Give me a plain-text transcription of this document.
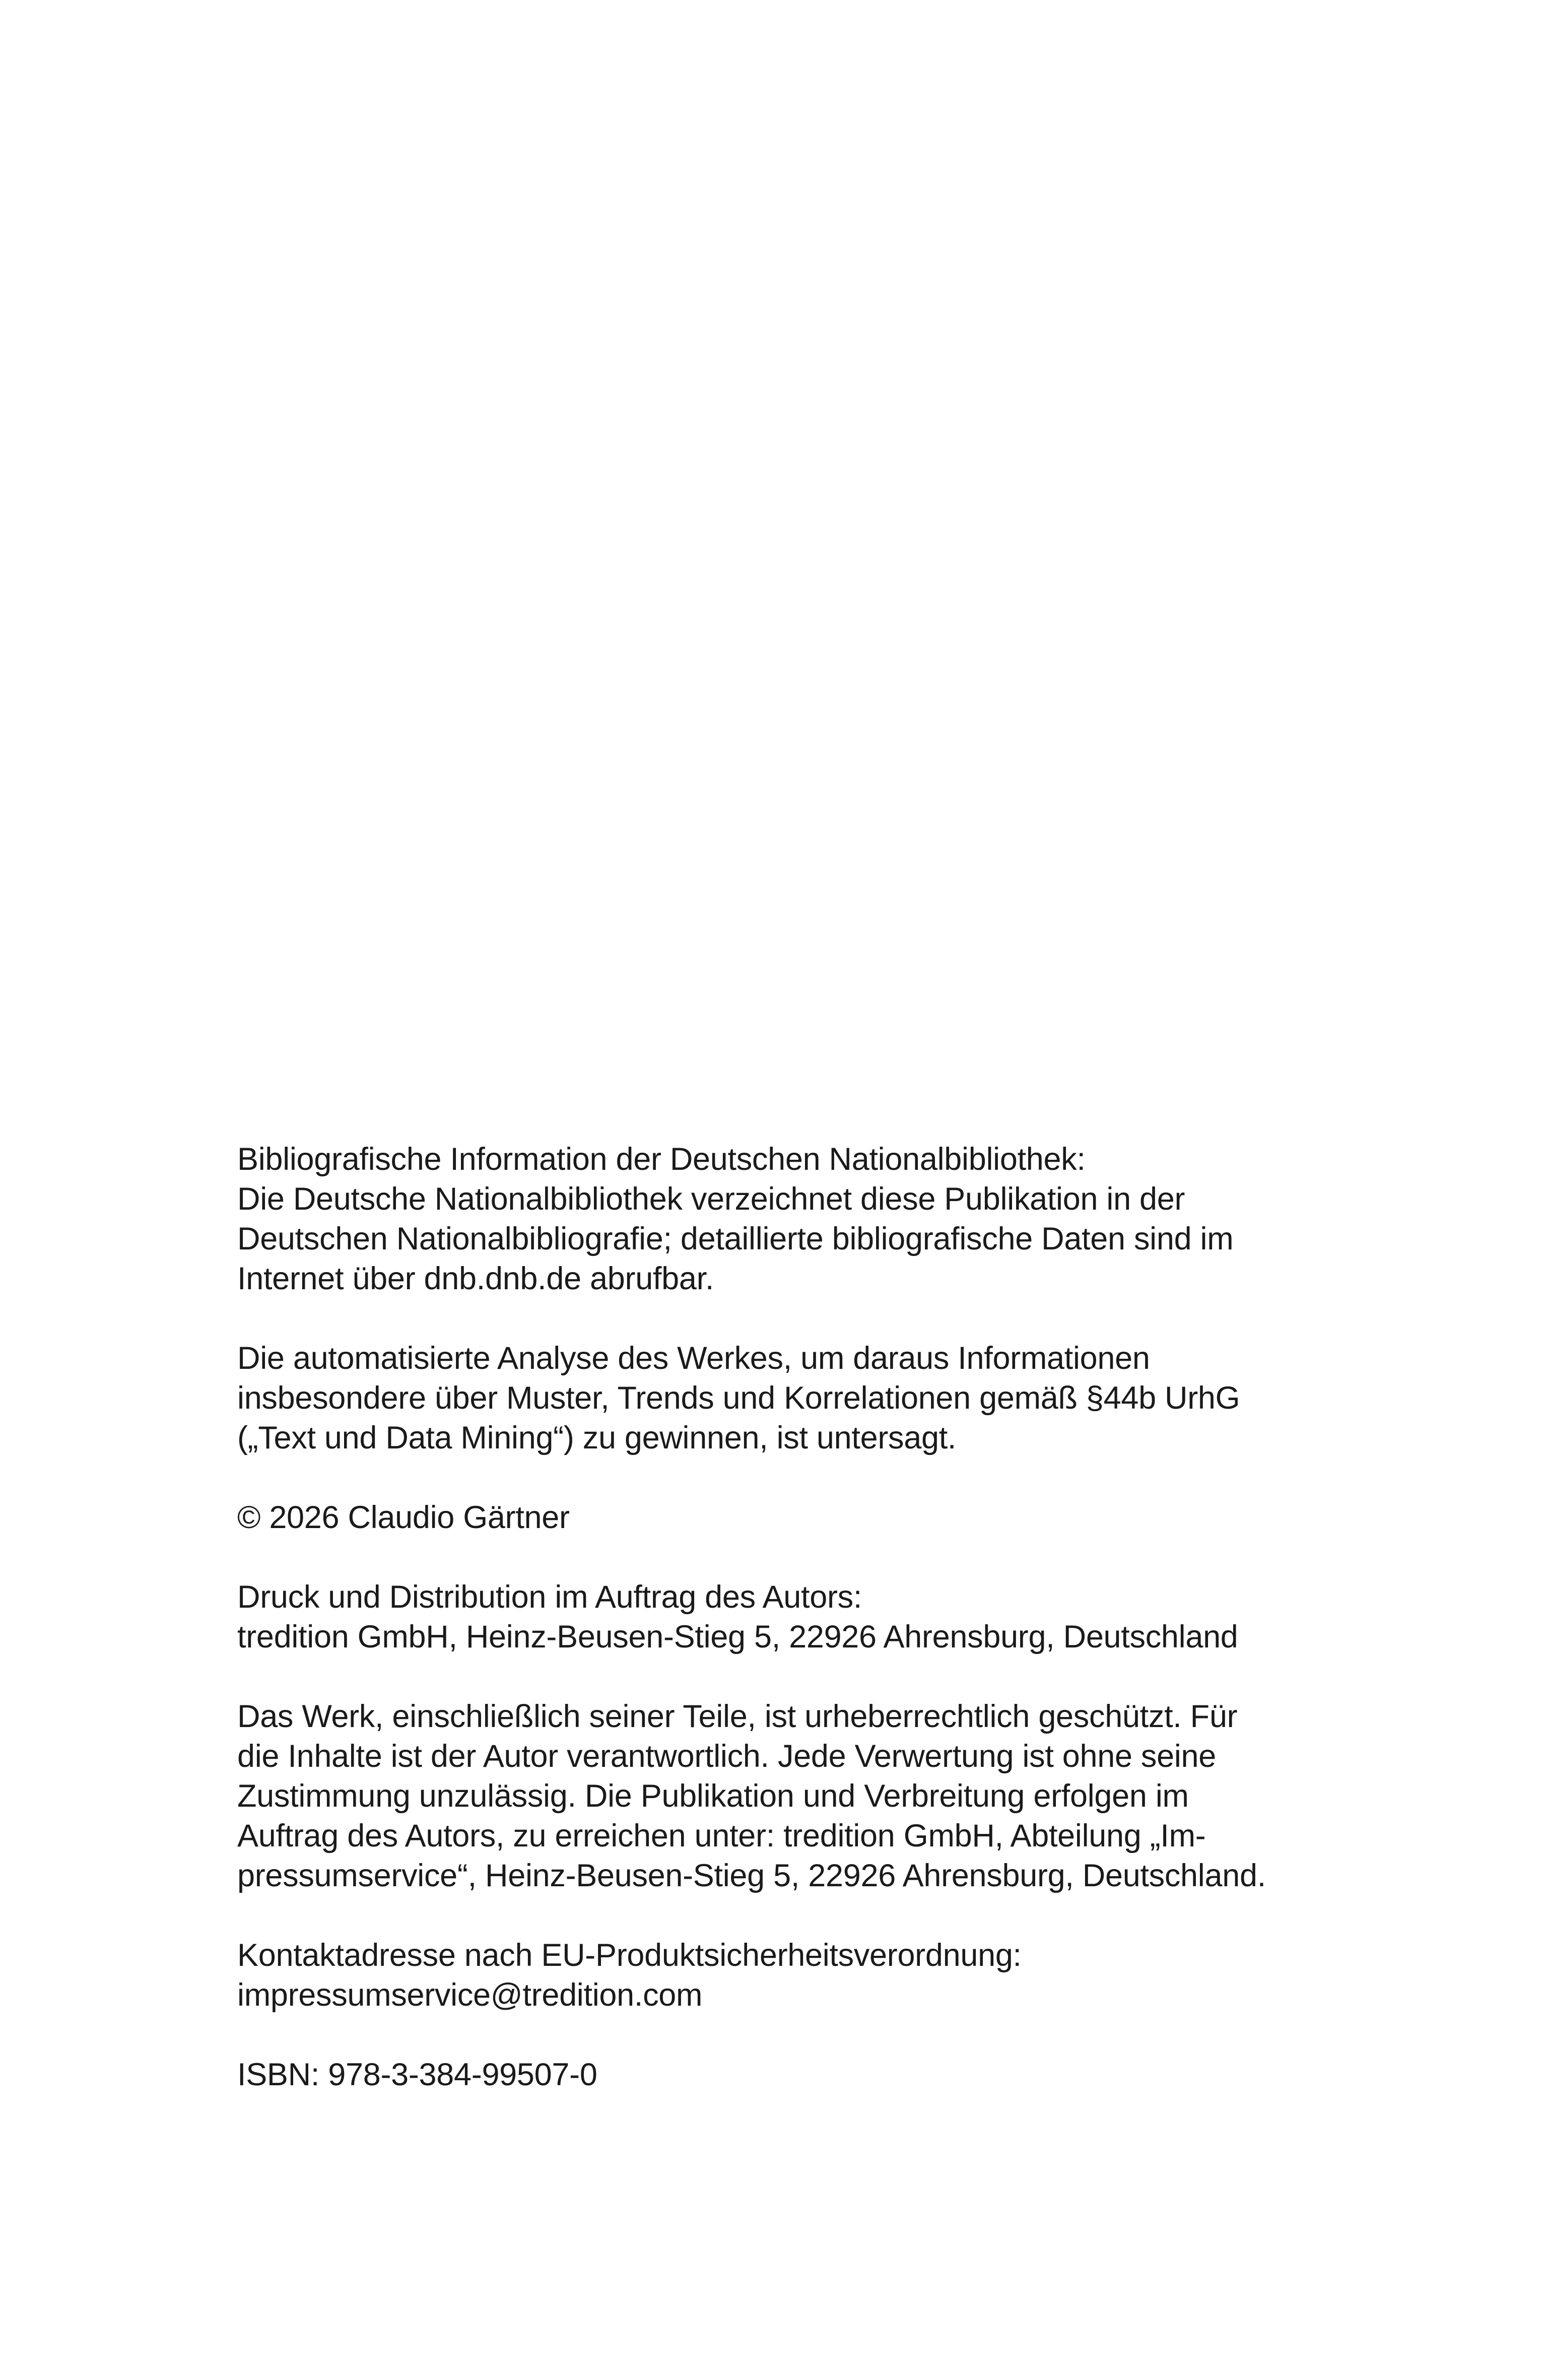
Bibliografische Information der Deutschen Nationalbibliothek:
Die Deutsche Nationalbibliothek verzeichnet diese Publikation in der
Deutschen Nationalbibliografie; detaillierte bibliografische Daten sind im
Internet über dnb.dnb.de abrufbar.

Die automatisierte Analyse des Werkes, um daraus Informationen
insbesondere über Muster, Trends und Korrelationen gemäß §44b UrhG
(„Text und Data Mining“) zu gewinnen, ist untersagt.

© 2026 Claudio Gärtner

Druck und Distribution im Auftrag des Autors:
tredition GmbH, Heinz-Beusen-Stieg 5, 22926 Ahrensburg, Deutschland

Das Werk, einschließlich seiner Teile, ist urheberrechtlich geschützt. Für
die Inhalte ist der Autor verantwortlich. Jede Verwertung ist ohne seine
Zustimmung unzulässig. Die Publikation und Verbreitung erfolgen im
Auftrag des Autors, zu erreichen unter: tredition GmbH, Abteilung „Im-
pressumservice“, Heinz-Beusen-Stieg 5, 22926 Ahrensburg, Deutschland.

Kontaktadresse nach EU-Produktsicherheitsverordnung:
impressumservice@tredition.com

ISBN: 978-3-384-99507-0
